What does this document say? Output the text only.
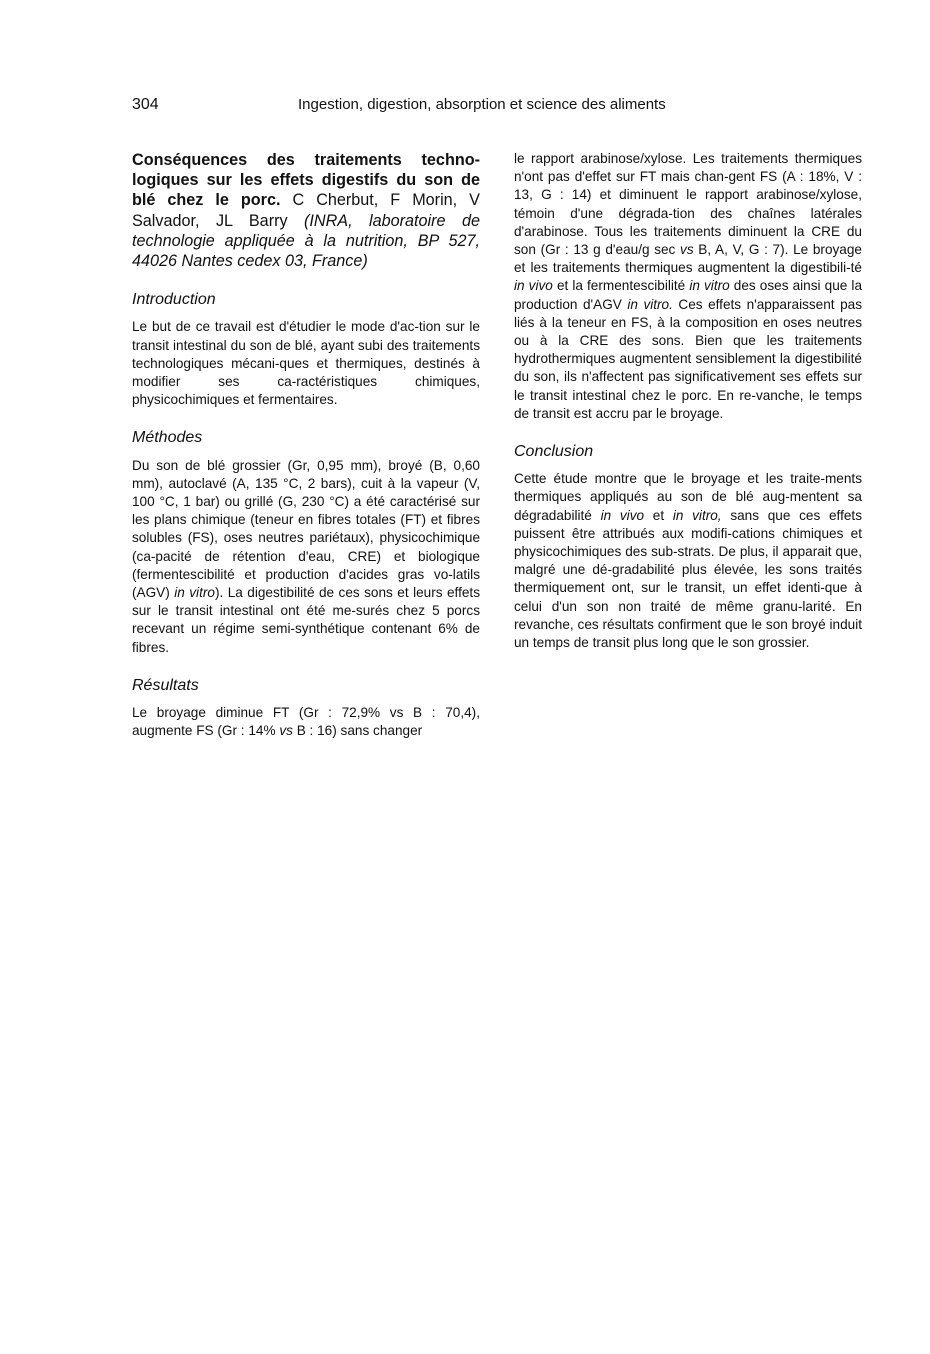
304	Ingestion, digestion, absorption et science des aliments

Conséquences des traitements techno-logiques sur les effets digestifs du son de blé chez le porc. C Cherbut, F Morin, V Salvador, JL Barry (INRA, laboratoire de technologie appliquée à la nutrition, BP 527, 44026 Nantes cedex 03, France)

Introduction

Le but de ce travail est d'étudier le mode d'ac-tion sur le transit intestinal du son de blé, ayant subi des traitements technologiques mécani-ques et thermiques, destinés à modifier ses ca-ractéristiques chimiques, physicochimiques et fermentaires.

Méthodes

Du son de blé grossier (Gr, 0,95 mm), broyé (B, 0,60 mm), autoclavé (A, 135 °C, 2 bars), cuit à la vapeur (V, 100 °C, 1 bar) ou grillé (G, 230 °C) a été caractérisé sur les plans chimique (teneur en fibres totales (FT) et fibres solubles (FS), oses neutres pariétaux), physicochimique (ca-pacité de rétention d'eau, CRE) et biologique (fermentescibilité et production d'acides gras vo-latils (AGV) in vitro). La digestibilité de ces sons et leurs effets sur le transit intestinal ont été me-surés chez 5 porcs recevant un régime semi-synthétique contenant 6% de fibres.

Résultats

Le broyage diminue FT (Gr : 72,9% vs B : 70,4), augmente FS (Gr : 14% vs B : 16) sans changer

le rapport arabinose/xylose. Les traitements thermiques n'ont pas d'effet sur FT mais chan-gent FS (A : 18%, V : 13, G : 14) et diminuent le rapport arabinose/xylose, témoin d'une dégrada-tion des chaînes latérales d'arabinose. Tous les traitements diminuent la CRE du son (Gr : 13 g d'eau/g sec vs B, A, V, G : 7). Le broyage et les traitements thermiques augmentent la digestibili-té in vivo et la fermentescibilité in vitro des oses ainsi que la production d'AGV in vitro. Ces effets n'apparaissent pas liés à la teneur en FS, à la composition en oses neutres ou à la CRE des sons. Bien que les traitements hydrothermiques augmentent sensiblement la digestibilité du son, ils n'affectent pas significativement ses effets sur le transit intestinal chez le porc. En re-vanche, le temps de transit est accru par le broyage.

Conclusion

Cette étude montre que le broyage et les traite-ments thermiques appliqués au son de blé aug-mentent sa dégradabilité in vivo et in vitro, sans que ces effets puissent être attribués aux modifi-cations chimiques et physicochimiques des sub-strats. De plus, il apparait que, malgré une dé-gradabilité plus élevée, les sons traités thermiquement ont, sur le transit, un effet identi-que à celui d'un son non traité de même granu-larité. En revanche, ces résultats confirment que le son broyé induit un temps de transit plus long que le son grossier.
